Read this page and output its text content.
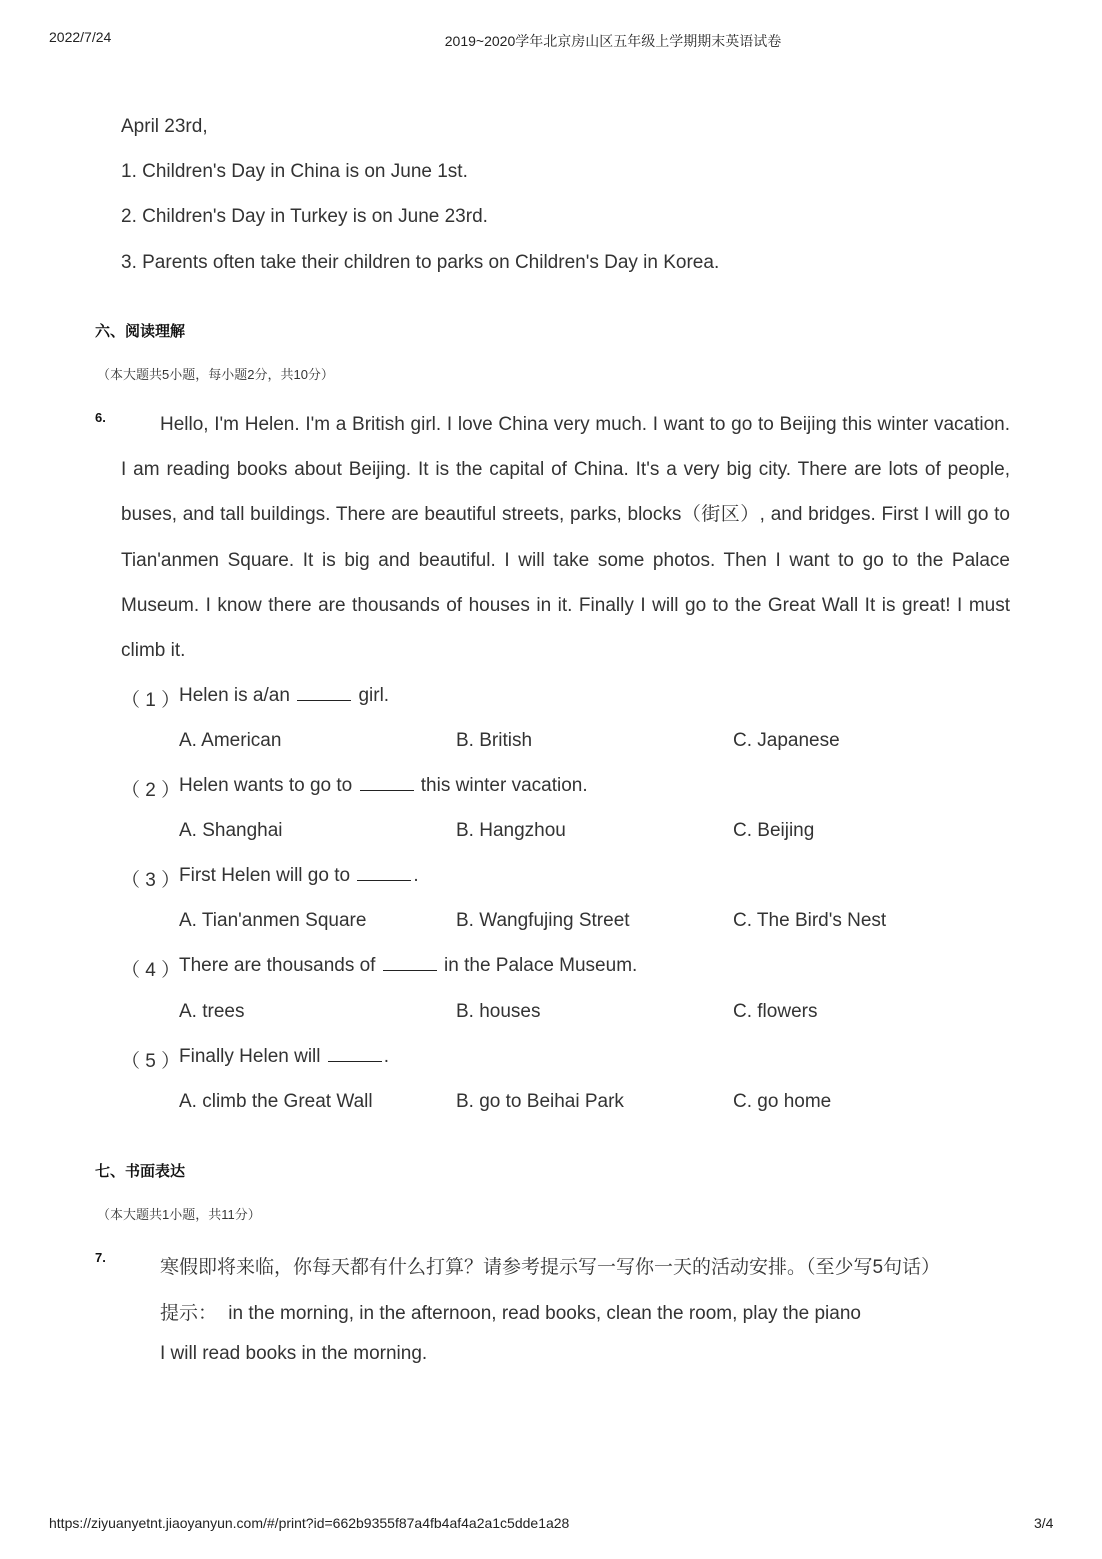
2022/7/24	2019~2020学年北京房山区五年级上学期期末英语试卷
April 23rd,
1. Children's Day in China is on June 1st.
2. Children's Day in Turkey is on June 23rd.
3. Parents often take their children to parks on Children's Day in Korea.
六、阅读理解
（本大题共5小题，每小题2分，共10分）
6.	Hello, I'm Helen. I'm a British girl. I love China very much. I want to go to Beijing this winter vacation. I am reading books about Beijing. It is the capital of China. It's a very big city. There are lots of people, buses, and tall buildings. There are beautiful streets, parks, blocks（街区）, and bridges. First I will go to Tian'anmen Square. It is big and beautiful. I will take some photos. Then I want to go to the Palace Museum. I know there are thousands of houses in it. Finally I will go to the Great Wall It is great! I must climb it.
（ 1 ）
Helen is a/an	girl.
A. American	B. British	C. Japanese
（ 2 ）
Helen wants to go to	this winter vacation.
A. Shanghai	B. Hangzhou	C. Beijing
（ 3 ）
First Helen will go to	.
A. Tian'anmen Square	B. Wangfujing Street	C. The Bird's Nest
（ 4 ）
There are thousands of	in the Palace Museum.
A. trees	B. houses	C. flowers
（ 5 ）
Finally Helen will	.
A. climb the Great Wall	B. go to Beihai Park	C. go home
七、书面表达
（本大题共1小题，共11分）
7.	寒假即将来临，你每天都有什么打算？请参考提示写一写你一天的活动安排。（至少写5句话）
提示： in the morning, in the afternoon, read books, clean the room, play the piano
I will read books in the morning.
https://ziyuanyetnt.jiaoyanyun.com/#/print?id=662b9355f87a4fb4af4a2a1c5dde1a28	3/4
